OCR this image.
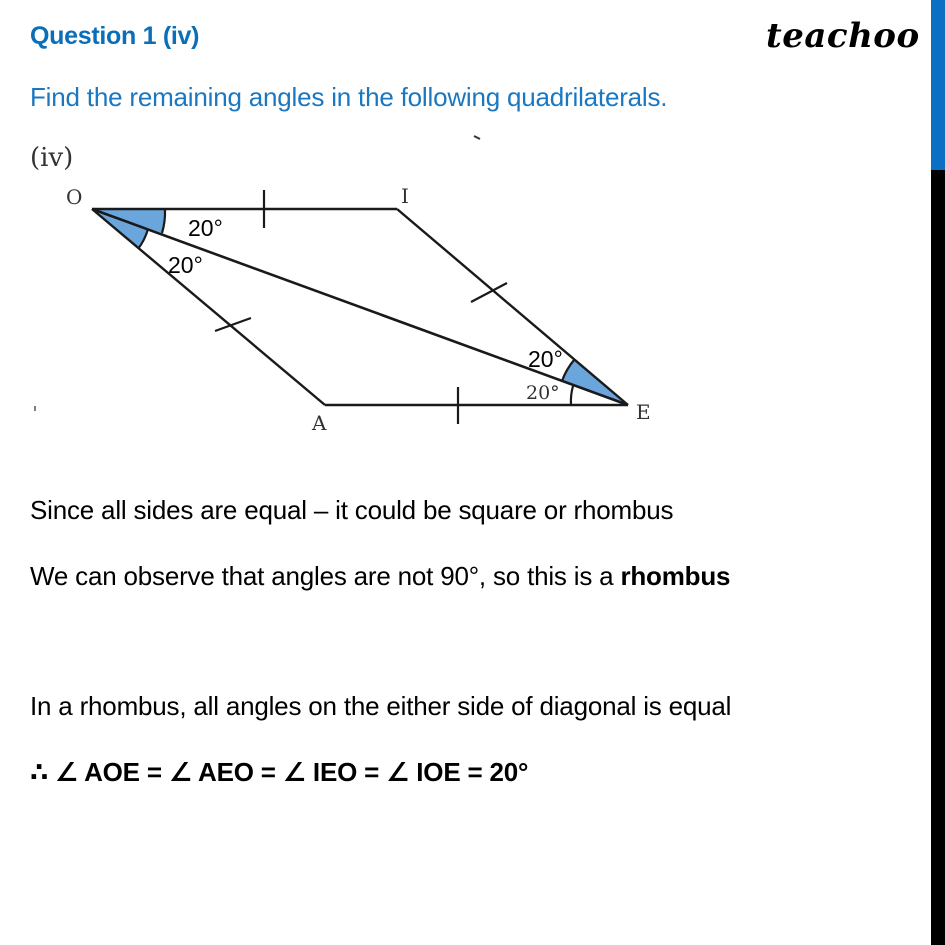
Question 1 (iv)	teachoo
Find the remaining angles in the following quadrilaterals.
(iv)
O	I
A	E
20°
20°
20°
20°
Since all sides are equal – it could be square or rhombus
We can observe that angles are not 90°, so this is a rhombus
In a rhombus, all angles on the either side of diagonal is equal
∴ ∠ AOE = ∠ AEO = ∠ IEO = ∠ IOE = 20°
